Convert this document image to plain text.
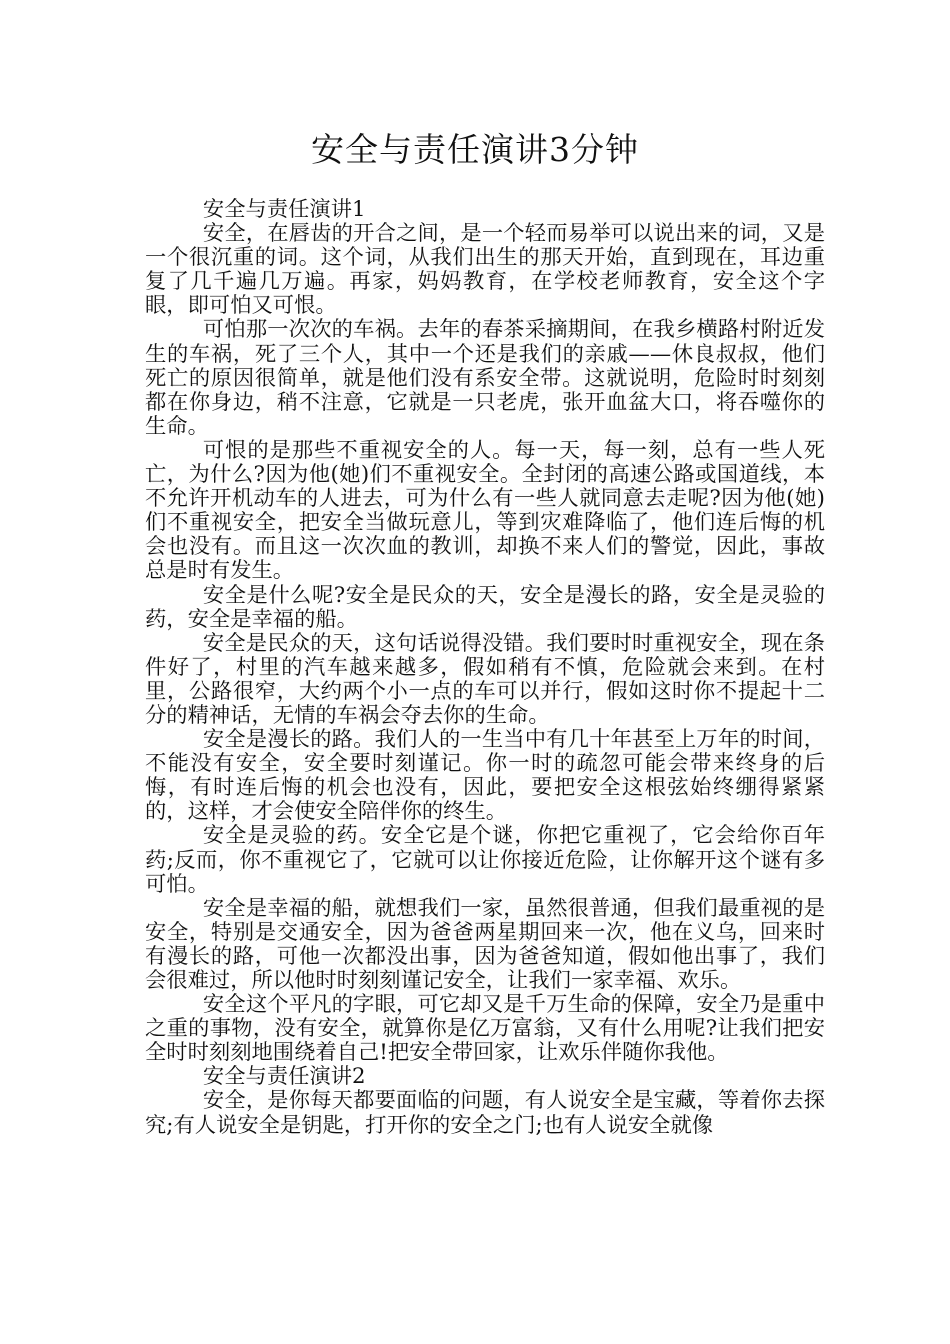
安全与责任演讲3分钟

安全与责任演讲1

安全，在唇齿的开合之间，是一个轻而易举可以说出来的词，又是一个很沉重的词。这个词，从我们出生的那天开始，直到现在，耳边重复了几千遍几万遍。再家，妈妈教育，在学校老师教育，安全这个字眼，即可怕又可恨。

可怕那一次次的车祸。去年的春茶采摘期间，在我乡横路村附近发生的车祸，死了三个人，其中一个还是我们的亲戚——休良叔叔，他们死亡的原因很简单，就是他们没有系安全带。这就说明，危险时时刻刻都在你身边，稍不注意，它就是一只老虎，张开血盆大口，将吞噬你的生命。

可恨的是那些不重视安全的人。每一天，每一刻，总有一些人死亡，为什么?因为他(她)们不重视安全。全封闭的高速公路或国道线，本不允许开机动车的人进去，可为什么有一些人就同意去走呢?因为他(她)们不重视安全，把安全当做玩意儿，等到灾难降临了，他们连后悔的机会也没有。而且这一次次血的教训，却换不来人们的警觉，因此，事故总是时有发生。

安全是什么呢?安全是民众的天，安全是漫长的路，安全是灵验的药，安全是幸福的船。

安全是民众的天，这句话说得没错。我们要时时重视安全，现在条件好了，村里的汽车越来越多，假如稍有不慎，危险就会来到。在村里，公路很窄，大约两个小一点的车可以并行，假如这时你不提起十二分的精神话，无情的车祸会夺去你的生命。

安全是漫长的路。我们人的一生当中有几十年甚至上万年的时间，不能没有安全，安全要时刻谨记。你一时的疏忽可能会带来终身的后悔，有时连后悔的机会也没有，因此，要把安全这根弦始终绷得紧紧的，这样，才会使安全陪伴你的终生。

安全是灵验的药。安全它是个谜，你把它重视了，它会给你百年药;反而，你不重视它了，它就可以让你接近危险，让你解开这个谜有多可怕。

安全是幸福的船，就想我们一家，虽然很普通，但我们最重视的是安全，特别是交通安全，因为爸爸两星期回来一次，他在义乌，回来时有漫长的路，可他一次都没出事，因为爸爸知道，假如他出事了，我们会很难过，所以他时时刻刻谨记安全，让我们一家幸福、欢乐。

安全这个平凡的字眼，可它却又是千万生命的保障，安全乃是重中之重的事物，没有安全，就算你是亿万富翁，又有什么用呢?让我们把安全时时刻刻地围绕着自己!把安全带回家，让欢乐伴随你我他。

安全与责任演讲2

安全，是你每天都要面临的问题，有人说安全是宝藏，等着你去探究;有人说安全是钥匙，打开你的安全之门;也有人说安全就像
